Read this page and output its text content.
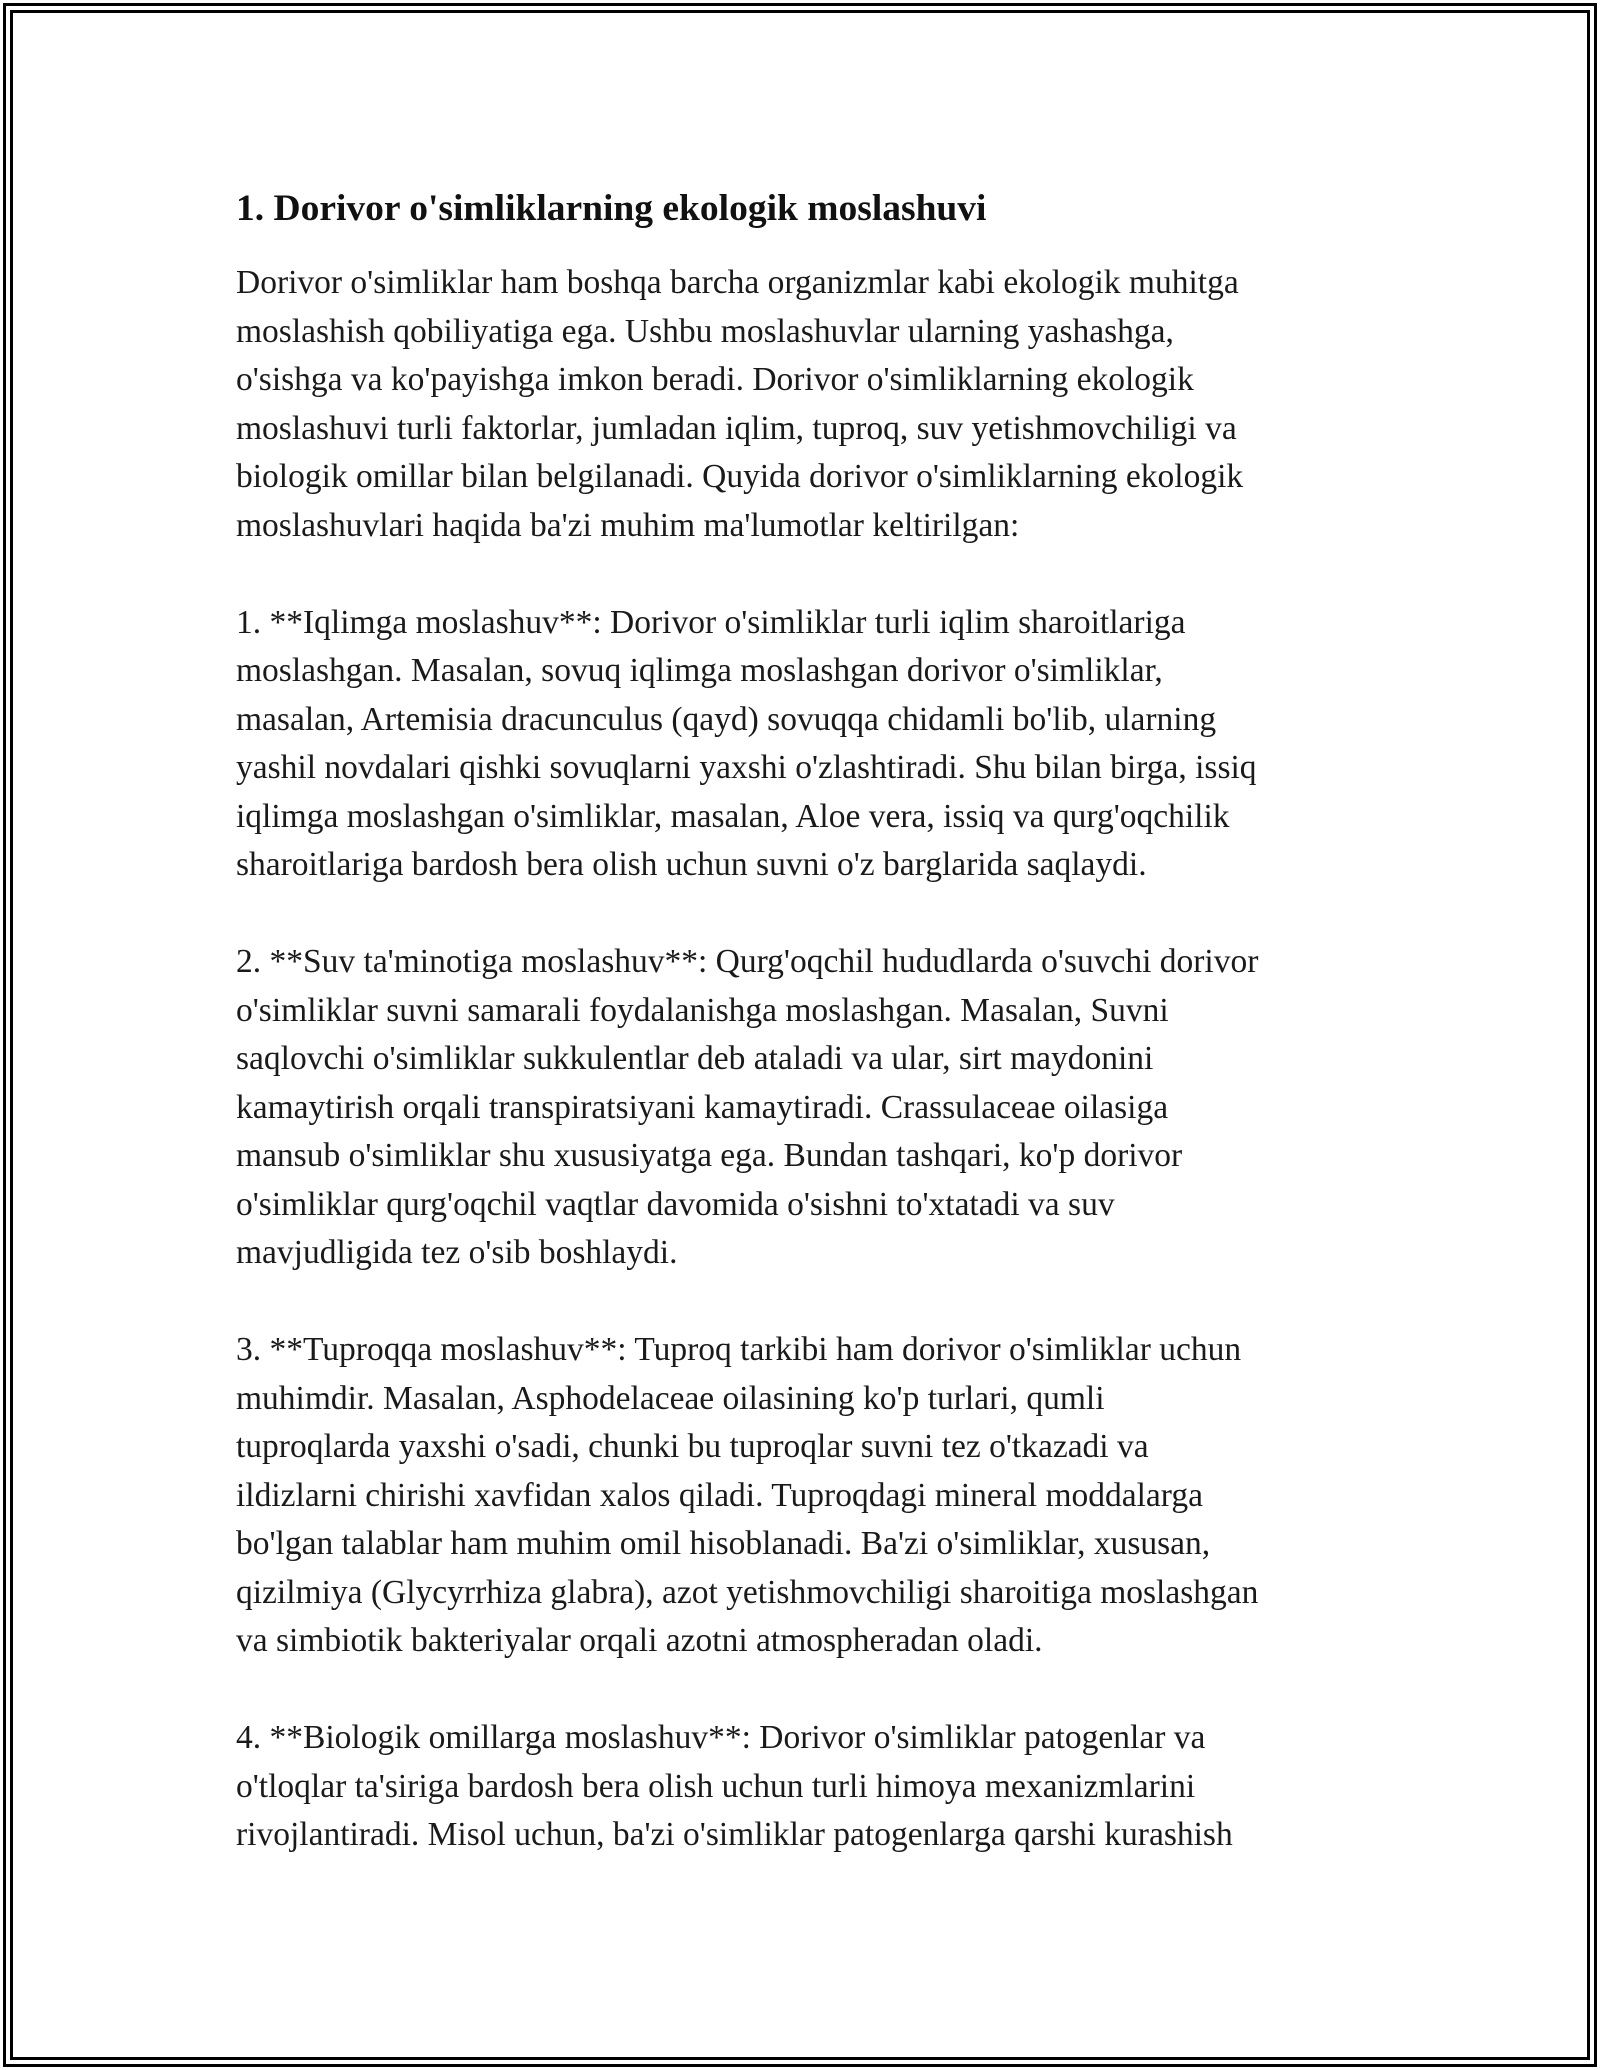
1. Dorivor o'simliklarning ekologik moslashuvi

Dorivor o'simliklar ham boshqa barcha organizmlar kabi ekologik muhitga
moslashish qobiliyatiga ega. Ushbu moslashuvlar ularning yashashga,
o'sishga va ko'payishga imkon beradi. Dorivor o'simliklarning ekologik
moslashuvi turli faktorlar, jumladan iqlim, tuproq, suv yetishmovchiligi va
biologik omillar bilan belgilanadi. Quyida dorivor o'simliklarning ekologik
moslashuvlari haqida ba'zi muhim ma'lumotlar keltirilgan:

1. **Iqlimga moslashuv**: Dorivor o'simliklar turli iqlim sharoitlariga
moslashgan. Masalan, sovuq iqlimga moslashgan dorivor o'simliklar,
masalan, Artemisia dracunculus (qayd) sovuqqa chidamli bo'lib, ularning
yashil novdalari qishki sovuqlarni yaxshi o'zlashtiradi. Shu bilan birga, issiq
iqlimga moslashgan o'simliklar, masalan, Aloe vera, issiq va qurg'oqchilik
sharoitlariga bardosh bera olish uchun suvni o'z barglarida saqlaydi.

2. **Suv ta'minotiga moslashuv**: Qurg'oqchil hududlarda o'suvchi dorivor
o'simliklar suvni samarali foydalanishga moslashgan. Masalan, Suvni
saqlovchi o'simliklar sukkulentlar deb ataladi va ular, sirt maydonini
kamaytirish orqali transpiratsiyani kamaytiradi. Crassulaceae oilasiga
mansub o'simliklar shu xususiyatga ega. Bundan tashqari, ko'p dorivor
o'simliklar qurg'oqchil vaqtlar davomida o'sishni to'xtatadi va suv
mavjudligida tez o'sib boshlaydi.

3. **Tuproqqa moslashuv**: Tuproq tarkibi ham dorivor o'simliklar uchun
muhimdir. Masalan, Asphodelaceae oilasining ko'p turlari, qumli
tuproqlarda yaxshi o'sadi, chunki bu tuproqlar suvni tez o'tkazadi va
ildizlarni chirishi xavfidan xalos qiladi. Tuproqdagi mineral moddalarga
bo'lgan talablar ham muhim omil hisoblanadi. Ba'zi o'simliklar, xususan,
qizilmiya (Glycyrrhiza glabra), azot yetishmovchiligi sharoitiga moslashgan
va simbiotik bakteriyalar orqali azotni atmospheradan oladi.

4. **Biologik omillarga moslashuv**: Dorivor o'simliklar patogenlar va
o'tloqlar ta'siriga bardosh bera olish uchun turli himoya mexanizmlarini
rivojlantiradi. Misol uchun, ba'zi o'simliklar patogenlarga qarshi kurashish
